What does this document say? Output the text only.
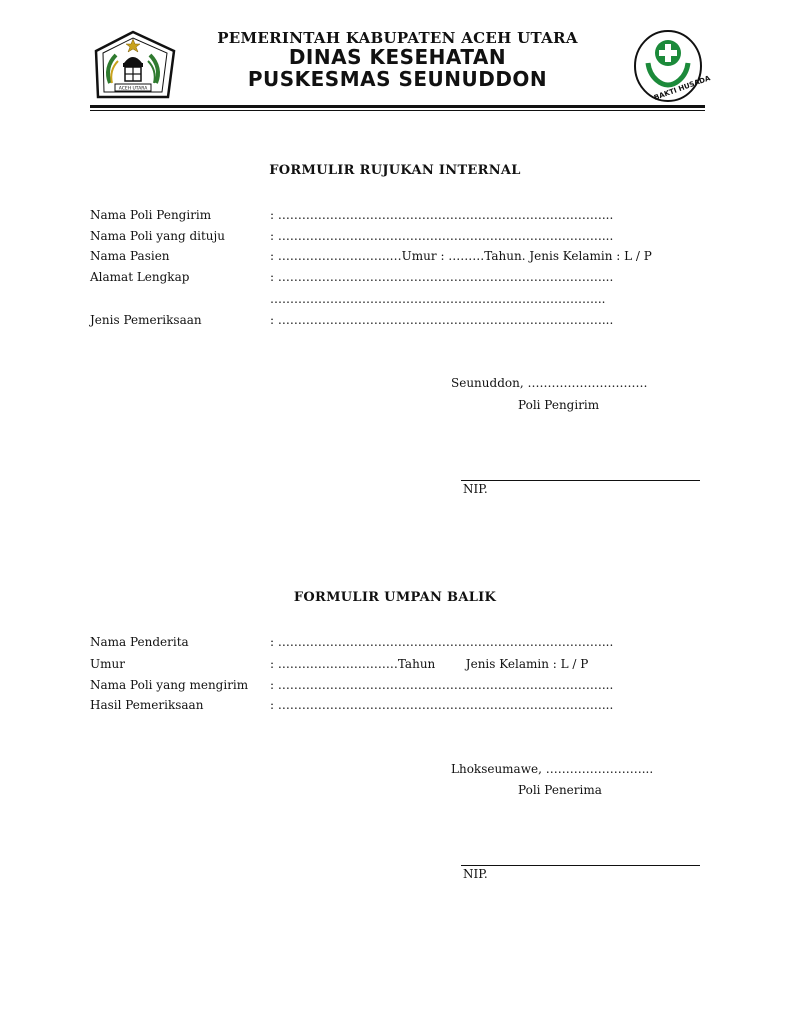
ACEH UTARA
PEMERINTAH KABUPATEN ACEH UTARA
DINAS KESEHATAN
PUSKESMAS SEUNUDDON	BAKTI HUSADA
FORMULIR RUJUKAN INTERNAL
Nama Poli Pengirim	: ………………………………………………………………………...
Nama Poli yang dituju	: ………………………………………………………………………...
Nama Pasien	: ……………………….…Umur : ………Tahun. Jenis Kelamin : L / P
Alamat Lengkap	: ………………………………………………………………………...
………………………………………………………………………...
Jenis Pemeriksaan	: ………………………………………………………………………...
Seunuddon, …………………………
Poli Pengirim
NIP.
FORMULIR UMPAN BALIK
Nama Penderita	: ………………………………………………………………………...
Umur	: …………………………Tahun        Jenis Kelamin : L / P
Nama Poli yang mengirim : ………………………………………………………………………...
Hasil Pemeriksaan	: ………………………………………………………………………...
Lhokseumawe, ……………………...
Poli Penerima
NIP.
